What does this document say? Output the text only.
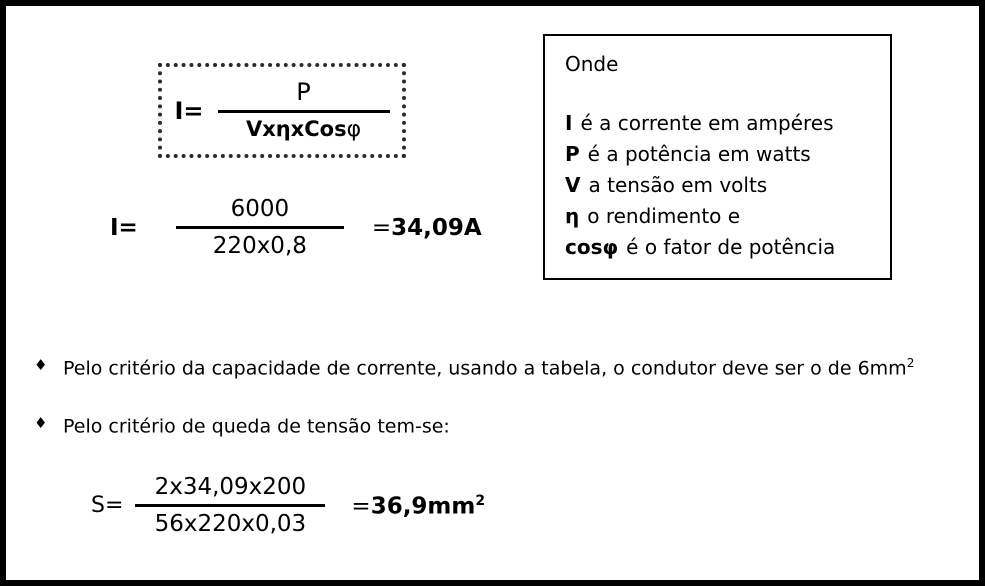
$I= \frac{P}{\text{VxηxCosφ}}$
Onde
I é a corrente em ampéres
P é a potência em watts
V a tensão em volts
η o rendimento e
cosφ é o fator de potência
$I= \frac{6000}{220x0,8} =34,09A$
♦ Pelo critério da capacidade de corrente, usando a tabela, o condutor deve ser o de $6mm^2$
♦ Pelo critério de queda de tensão tem-se:
$S= \frac{2x34,09x200}{56x220x0,03} =36,9mm^2$
